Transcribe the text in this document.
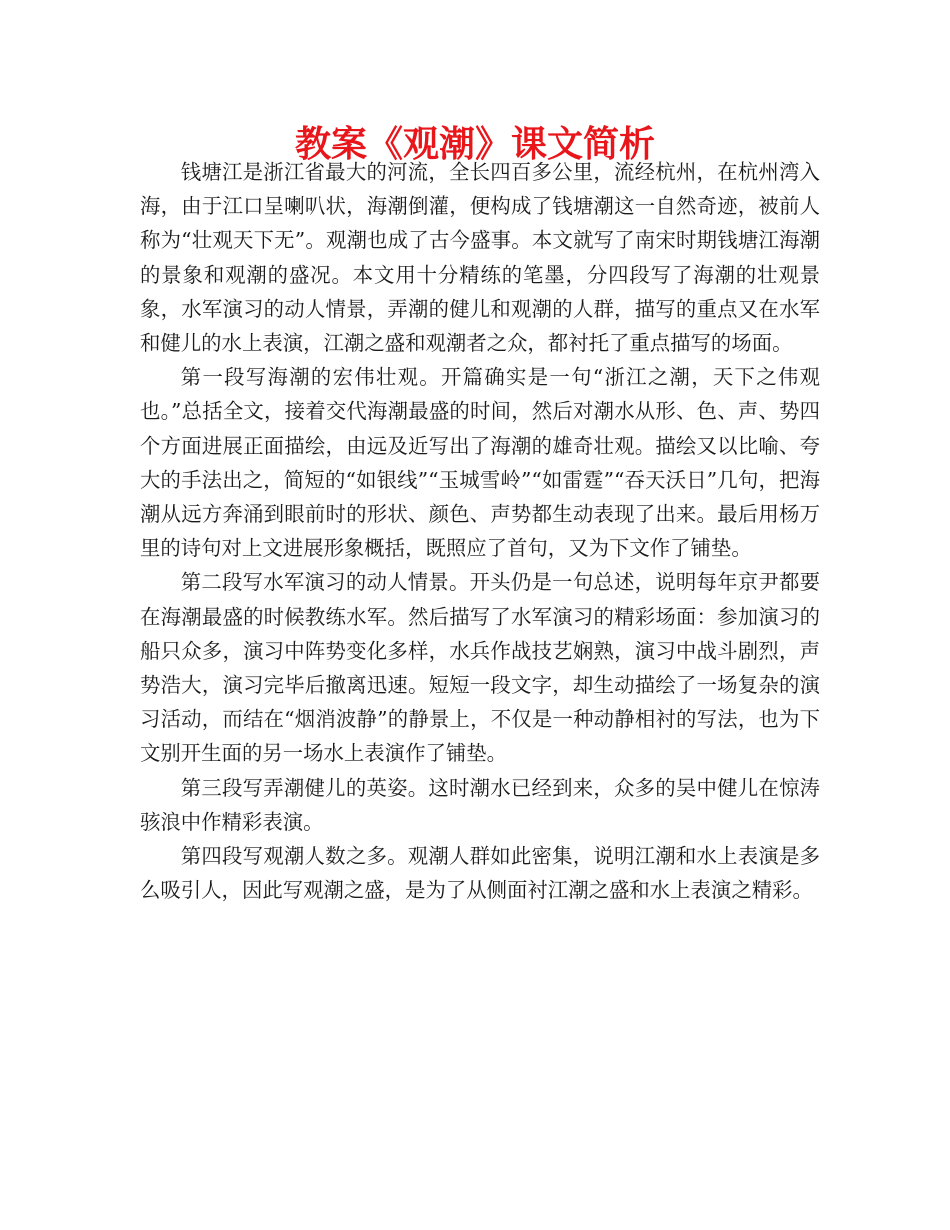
教案《观潮》课文简析

钱塘江是浙江省最大的河流，全长四百多公里，流经杭州，在杭州湾入海，由于江口呈喇叭状，海潮倒灌，便构成了钱塘潮这一自然奇迹，被前人称为“壮观天下无”。观潮也成了古今盛事。本文就写了南宋时期钱塘江海潮的景象和观潮的盛况。本文用十分精练的笔墨，分四段写了海潮的壮观景象，水军演习的动人情景，弄潮的健儿和观潮的人群，描写的重点又在水军和健儿的水上表演，江潮之盛和观潮者之众，都衬托了重点描写的场面。

第一段写海潮的宏伟壮观。开篇确实是一句“浙江之潮，天下之伟观也。”总括全文，接着交代海潮最盛的时间，然后对潮水从形、色、声、势四个方面进展正面描绘，由远及近写出了海潮的雄奇壮观。描绘又以比喻、夸大的手法出之，简短的“如银线”“玉城雪岭”“如雷霆”“吞天沃日”几句，把海潮从远方奔涌到眼前时的形状、颜色、声势都生动表现了出来。最后用杨万里的诗句对上文进展形象概括，既照应了首句，又为下文作了铺垫。

第二段写水军演习的动人情景。开头仍是一句总述，说明每年京尹都要在海潮最盛的时候教练水军。然后描写了水军演习的精彩场面：参加演习的船只众多，演习中阵势变化多样，水兵作战技艺娴熟，演习中战斗剧烈，声势浩大，演习完毕后撤离迅速。短短一段文字，却生动描绘了一场复杂的演习活动，而结在“烟消波静”的静景上，不仅是一种动静相衬的写法，也为下文别开生面的另一场水上表演作了铺垫。

第三段写弄潮健儿的英姿。这时潮水已经到来，众多的吴中健儿在惊涛骇浪中作精彩表演。

第四段写观潮人数之多。观潮人群如此密集，说明江潮和水上表演是多么吸引人，因此写观潮之盛，是为了从侧面衬江潮之盛和水上表演之精彩。
